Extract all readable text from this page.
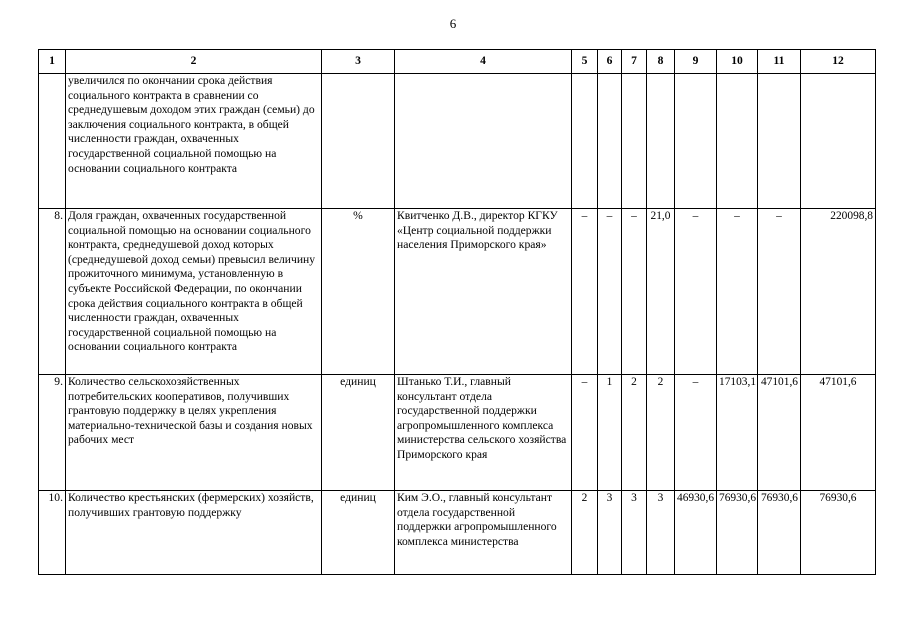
6
1	2	3	4	5	6	7	8	9	10	11	12
	увеличился по окончании срока действия социального контракта в сравнении со среднедушевым доходом этих граждан (семьи) до заключения социального контракта, в общей численности граждан, охваченных государственной социальной помощью на основании социального контракта										
8.	Доля граждан, охваченных государственной социальной помощью на основании социального контракта, среднедушевой доход которых (среднедушевой доход семьи) превысил величину прожиточного минимума, установленную в субъекте Российской Федерации, по окончании срока действия социального контракта в общей численности граждан, охваченных государственной социальной помощью на основании социального контракта	%	Квитченко Д.В., директор КГКУ «Центр социальной поддержки населения Приморского края»	–	–	–	21,0	–	–	–	220098,8
9.	Количество сельскохозяйственных потребительских кооперативов, получивших грантовую поддержку в целях укрепления материально-технической базы и создания новых рабочих мест	единиц	Штанько Т.И., главный консультант отдела государственной поддержки агропромышленного комплекса министерства сельского хозяйства Приморского края	–	1	2	2	–	17103,1	47101,6	47101,6
10.	Количество крестьянских (фермерских) хозяйств, получивших грантовую поддержку	единиц	Ким Э.О., главный консультант отдела государственной поддержки агропромышленного комплекса министерства	2	3	3	3	46930,6	76930,6	76930,6	76930,6
